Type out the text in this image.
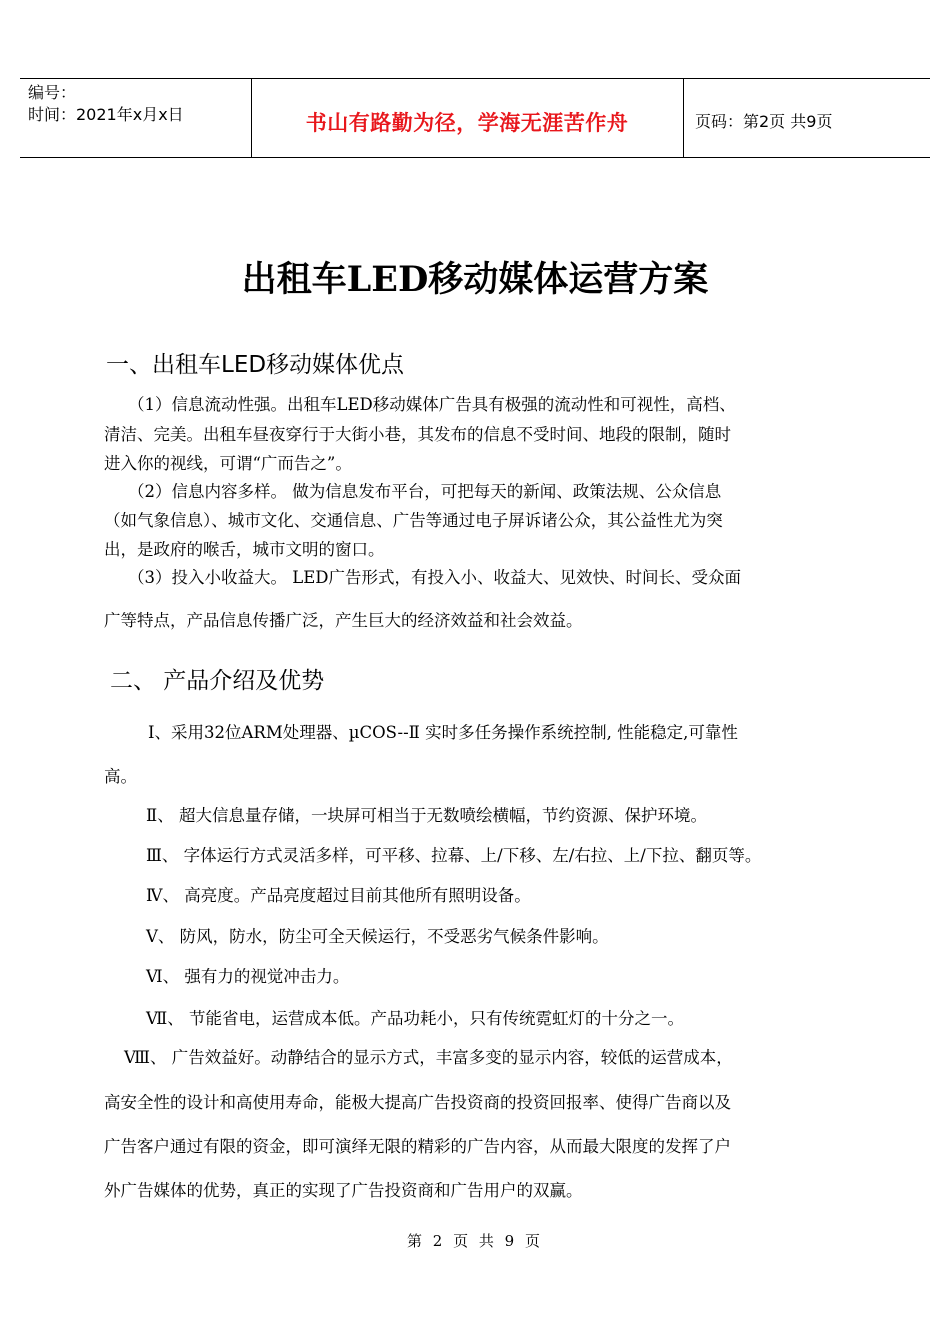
编号：
时间：2021年x月x日	书山有路勤为径，学海无涯苦作舟	页码：第2页 共9页
出租车LED移动媒体运营方案
一、出租车LED移动媒体优点
（1）信息流动性强。出租车LED移动媒体广告具有极强的流动性和可视性，高档、
清洁、完美。出租车昼夜穿行于大街小巷，其发布的信息不受时间、地段的限制，随时
进入你的视线，可谓“广而告之”。
（2）信息内容多样。 做为信息发布平台，可把每天的新闻、政策法规、公众信息
（如气象信息）、城市文化、交通信息、广告等通过电子屏诉诸公众，其公益性尤为突
出，是政府的喉舌，城市文明的窗口。
（3）投入小收益大。 LED广告形式，有投入小、收益大、见效快、时间长、受众面
广等特点，产品信息传播广泛，产生巨大的经济效益和社会效益。
二、 产品介绍及优势
Ⅰ、采用32位ARM处理器、µCOS--Ⅱ 实时多任务操作系统控制, 性能稳定,可靠性
高。
Ⅱ、 超大信息量存储，一块屏可相当于无数喷绘横幅，节约资源、保护环境。
Ⅲ、 字体运行方式灵活多样，可平移、拉幕、上/下移、左/右拉、上/下拉、翻页等。
Ⅳ、 高亮度。产品亮度超过目前其他所有照明设备。
Ⅴ、 防风，防水，防尘可全天候运行，不受恶劣气候条件影响。
Ⅵ、 强有力的视觉冲击力。
Ⅶ、 节能省电，运营成本低。产品功耗小，只有传统霓虹灯的十分之一。
Ⅷ、 广告效益好。动静结合的显示方式，丰富多变的显示内容，较低的运营成本，
高安全性的设计和高使用寿命，能极大提高广告投资商的投资回报率、使得广告商以及
广告客户通过有限的资金，即可演绎无限的精彩的广告内容，从而最大限度的发挥了户
外广告媒体的优势，真正的实现了广告投资商和广告用户的双赢。
第 2 页 共 9 页
